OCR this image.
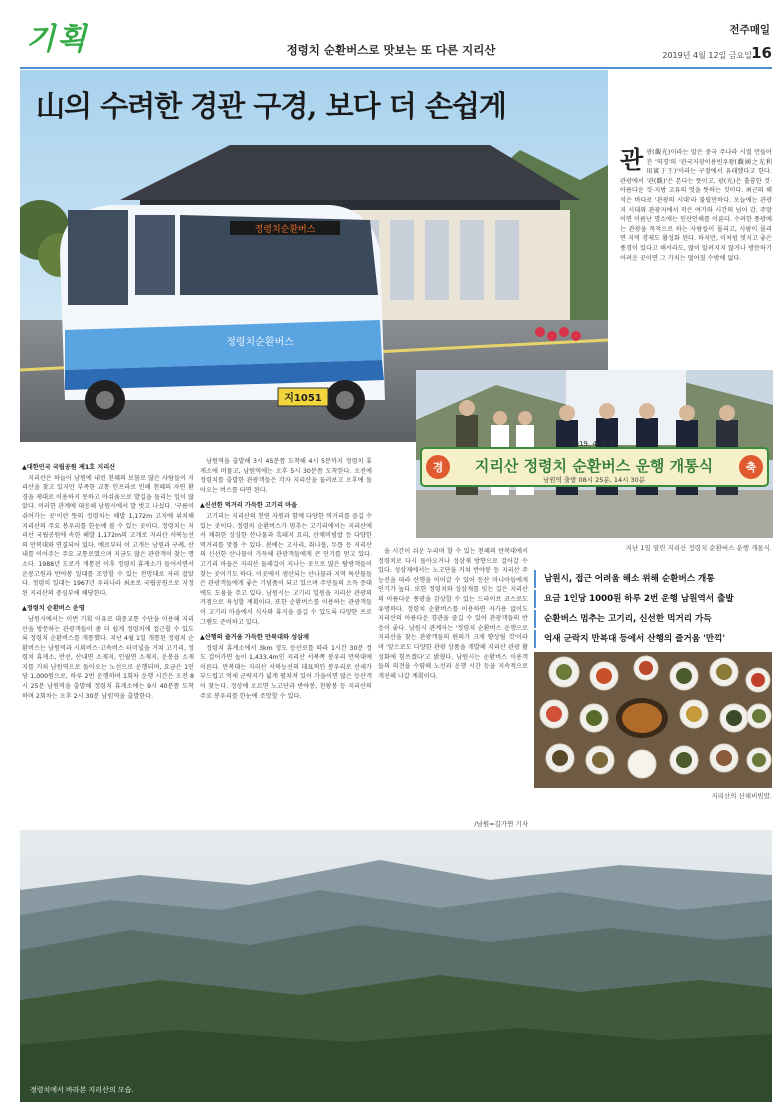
기획	정령치 순환버스로 맛보는 또 다른 지리산
전주매일
2019년 4월 12일 금요일 16
정령치순환버스
정령치순환버스
지1051
山의 수려한 경관 구경, 보다 더 손쉽게
관 광(觀光)이라는 말은 중국 주나라 시절 만들어진 '역경'의 '관국지광이용빈우왕(觀國之光利用賓于王)'이라는 구절에서 유래했다고 한다. 관광에서 '관(觀)'은 본다는 뜻이고, 광(光)은 훌륭한 것·아름다운 것·지방 고유의 멋을 뜻하는 것이다. 최근의 해석은 바다로 '관광의 시대'라 불릴만하다. 오늘에는 관광지 시대와 관광지에서 작은 여가와 시간의 넘어 감. 주말이면 이름난 명소에는 인산인해를 이룬다. 수려한 풍광에는 관광을 목적으로 하는 사람들이 몰리고, 사람이 몰리면 지역 경제도 활성화 된다. 하지만, 이처럼 멋지고 좋은 풍경이 있다고 해서라도, 많이 알려지지 않거나 방문하기 어려운 곳이면 그 가치는 떨어질 수밖에 없다.
경	축
2019. 4. 4(목)
지리산 정령치 순환버스 운행 개통식
남원역 출발 08시 25분, 14시 30분
지난 1일 열린 지리산 정령치 순환버스 운행 개통식.
남원시, 접근 어려움 해소 위해 순환버스 개통
요금 1인당 1000원 하루 2번 운행 남원역서 출발
순환버스 멈추는 고기리, 신선한 먹거리 가득
억새 군락지 만복대 등에서 산행의 즐거움 '만끽'
지리산의 산채비빔밥.
▲대한민국 국립공원 제1호 지리산

지리산은 하늘이 남원에 내린 천혜의 보물로 많은 사람들이 지리산을 찾고 있지만 부족한 교통 인프라로 인해 천혜의 자연 환경을 제대로 이용하지 못하고 아쉬움으로 발길을 돌리는 일이 많았다. 이러한 관계에 대응해 남원시에서 발 벗고 나섰다. '구름이 쉬어가는 곳'이란 뜻의 정령치는 해발 1,172m 고지에 위치해 지리산의 주요 봉우리를 한눈에 볼 수 있는 곳이다. 정령치는 지리산 국립공원에 속한 해발 1,172m의 고개로 지리산 서북능선의 만복대와 연결되어 있다. 예로부터 이 고개는 남원과 구례, 산내를 이어주는 주요 교통로였으며 지금도 많은 관광객이 찾는 명소다. 1988년 도로가 개통된 이후 정령치 휴게소가 들어서면서 운봉고원과 반야봉 일대를 조망할 수 있는 전망대로 자리 잡았다. 정령치 일대는 1967년 우리나라 최초로 국립공원으로 지정된 지리산의 중심부에 해당한다.

▲정령치 순환버스 운영

남원시에서는 이번 기획 이유로 대중교통 수단을 이용해 지리산을 방문하는 관광객들이 좀 더 쉽게 정령치에 접근할 수 있도록 정령치 순환버스를 개통했다. 지난 4월 1일 개통된 정령치 순환버스는 남원역과 시외버스·고속버스 터미널을 거쳐 고기리, 정령치 휴게소, 반선, 산내면 소재지, 인월면 소재지, 운봉읍 소재지를 거쳐 남원역으로 돌아오는 노선으로 운행되며, 요금은 1인당 1,000원으로, 하루 2번 운행하며 1회차 운행 시간은 오전 8시 25분 남원역을 출발해 정령치 휴게소에는 9시 40분쯤 도착하며 2회차는 오후 2시 30분 남원역을 출발한다.

남원역을 출발해 3시 45분쯤 도착해 4시 5분까지 정령치 휴게소에 머물고, 남원역에는 오후 5시 30분쯤 도착한다. 오전에 정령치를 출발한 관광객들은 각자 지리산을 둘러보고 오후에 돌아오는 버스를 타면 된다.

▲신선한 먹거리 가득한 고기리 마을

고기리는 지리산의 천연 자원과 함께 다양한 먹거리를 즐길 수 있는 곳이다. 정령치 순환버스가 멈추는 고기리에서는 지리산에서 채취한 싱싱한 산나물과 흑돼지 요리, 산채비빔밥 등 다양한 먹거리를 맛볼 수 있다. 봄에는 고사리, 취나물, 두릅 등 지리산의 신선한 산나물이 가득해 관광객들에게 큰 인기를 얻고 있다. 고기리 마을은 지리산 둘레길이 지나는 곳으로 많은 탐방객들이 찾는 곳이기도 하다. 이곳에서 생산되는 산나물과 지역 특산물들은 관광객들에게 좋은 기념품이 되고 있으며 주민들의 소득 증대에도 도움을 주고 있다. 남원시는 고기리 일원을 지리산 관광의 거점으로 육성할 계획이다. 또한 순환버스를 이용하는 관광객들이 고기리 마을에서 식사와 휴식을 즐길 수 있도록 다양한 프로그램도 준비하고 있다.

▲산행의 즐거움 가득한 만복대와 성삼재

정령치 휴게소에서 3km 정도 등산로를 따라 1시간 30분 정도 걸어가면 높이 1,433.4m인 지리산 서북쪽 봉우리 만복대에 이른다. 만복대는 지리산 서북능선의 대표적인 봉우리로 산세가 부드럽고 억새 군락지가 넓게 펼쳐져 있어 가을이면 많은 등산객이 찾는다. 정상에 오르면 노고단과 반야봉, 천왕봉 등 지리산의 주요 봉우리를 한눈에 조망할 수 있다.

을 시간이 쉬운 누리며 할 수 있는 천혜의 만복대에서 정령치로 다시 돌아오거나 성삼재 방향으로 걸어갈 수 있다. 성삼재에서는 노고단을 거쳐 반야봉 등 지리산 주능선을 따라 산행을 이어갈 수 있어 등산 마니아들에게 인기가 높다. 또한 정령치와 성삼재를 잇는 길은 지리산의 아름다운 풍광을 감상할 수 있는 드라이브 코스로도 유명하다. 정령치 순환버스를 이용하면 자가용 없이도 지리산의 아름다운 경관을 즐길 수 있어 관광객들의 반응이 좋다. 남원시 관계자는 '정령치 순환버스 운행으로 지리산을 찾는 관광객들의 편의가 크게 향상될 것'이라며 '앞으로도 다양한 관광 상품을 개발해 지리산 관광 활성화에 힘쓰겠다'고 밝혔다. 남원시는 순환버스 이용객들의 의견을 수렴해 노선과 운행 시간 등을 지속적으로 개선해 나갈 계획이다.

/남원=김가연 기자
정령치에서 바라본 지리산의 모습.
